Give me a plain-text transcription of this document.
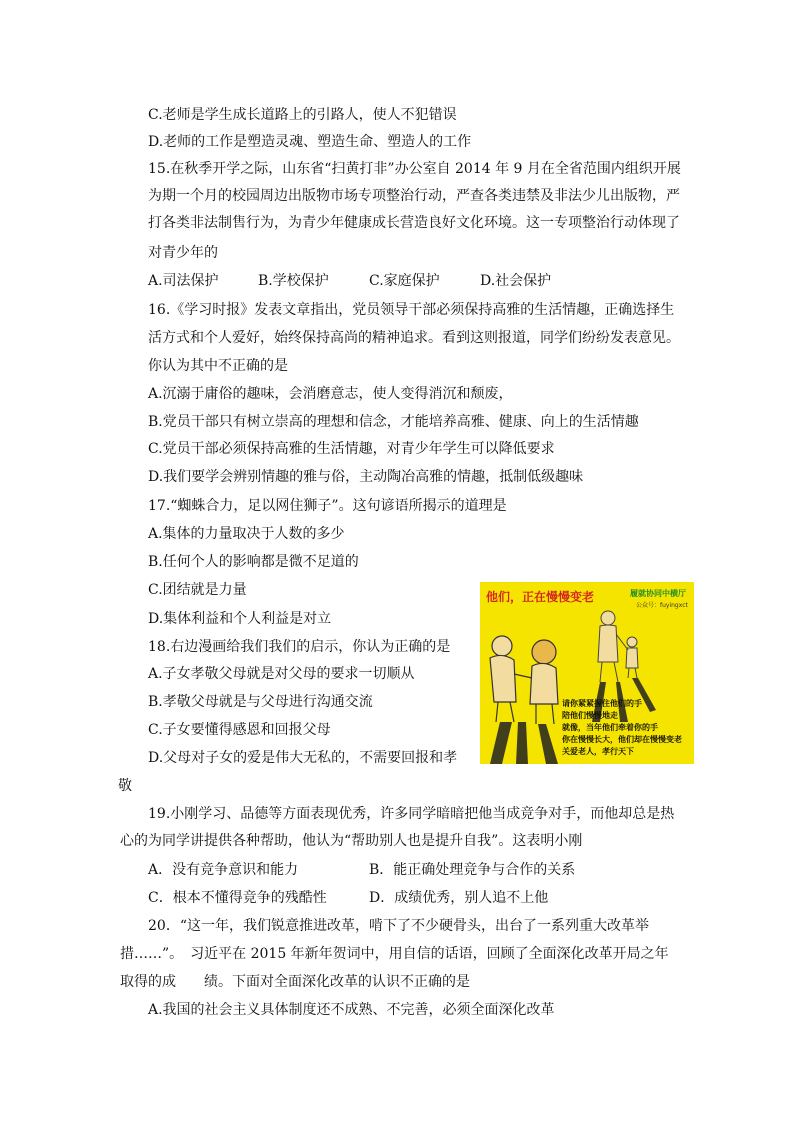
C.老师是学生成长道路上的引路人，使人不犯错误
D.老师的工作是塑造灵魂、塑造生命、塑造人的工作
15.在秋季开学之际，山东省“扫黄打非”办公室自 2014 年 9 月在全省范围内组织开展
为期一个月的校园周边出版物市场专项整治行动，严查各类违禁及非法少儿出版物，严
打各类非法制售行为，为青少年健康成长营造良好文化环境。这一专项整治行动体现了
对青少年的
A.司法保护	B.学校保护	C.家庭保护	D.社会保护
16.《学习时报》发表文章指出，党员领导干部必须保持高雅的生活情趣，正确选择生
活方式和个人爱好，始终保持高尚的精神追求。看到这则报道，同学们纷纷发表意见。
你认为其中不正确的是
A.沉溺于庸俗的趣味，会消磨意志，使人变得消沉和颓废，
B.党员干部只有树立崇高的理想和信念，才能培养高雅、健康、向上的生活情趣
C.党员干部必须保持高雅的生活情趣，对青少年学生可以降低要求
D.我们要学会辨别情趣的雅与俗，主动陶冶高雅的情趣，抵制低级趣味
17.“蜘蛛合力，足以网住狮子”。这句谚语所揭示的道理是
A.集体的力量取决于人数的多少
B.任何个人的影响都是微不足道的
C.团结就是力量
D.集体利益和个人利益是对立
18.右边漫画给我们我们的启示，你认为正确的是
A.子女孝敬父母就是对父母的要求一切顺从
B.孝敬父母就是与父母进行沟通交流
C.子女要懂得感恩和回报父母
D.父母对子女的爱是伟大无私的，不需要回报和孝
敬
他们，正在慢慢变老	履就协同中横厅
公众号：fuyingxct
请你紧紧握住他们的手
陪他们慢慢地走
就像，当年他们牵着你的手
你在慢慢长大，他们却在慢慢变老
关爱老人，孝行天下
19.小刚学习、品德等方面表现优秀，许多同学暗暗把他当成竞争对手，而他却总是热
心的为同学讲提供各种帮助，他认为“帮助别人也是提升自我”。这表明小刚
A．没有竞争意识和能力	B．能正确处理竞争与合作的关系
C．根本不懂得竞争的残酷性	D．成绩优秀，别人追不上他
20．“这一年，我们锐意推进改革，啃下了不少硬骨头，出台了一系列重大改革举
措……”。　习近平在 2015 年新年贺词中，用自信的话语，回顾了全面深化改革开局之年
取得的成　　绩。下面对全面深化改革的认识不正确的是
A.我国的社会主义具体制度还不成熟、不完善，必须全面深化改革
